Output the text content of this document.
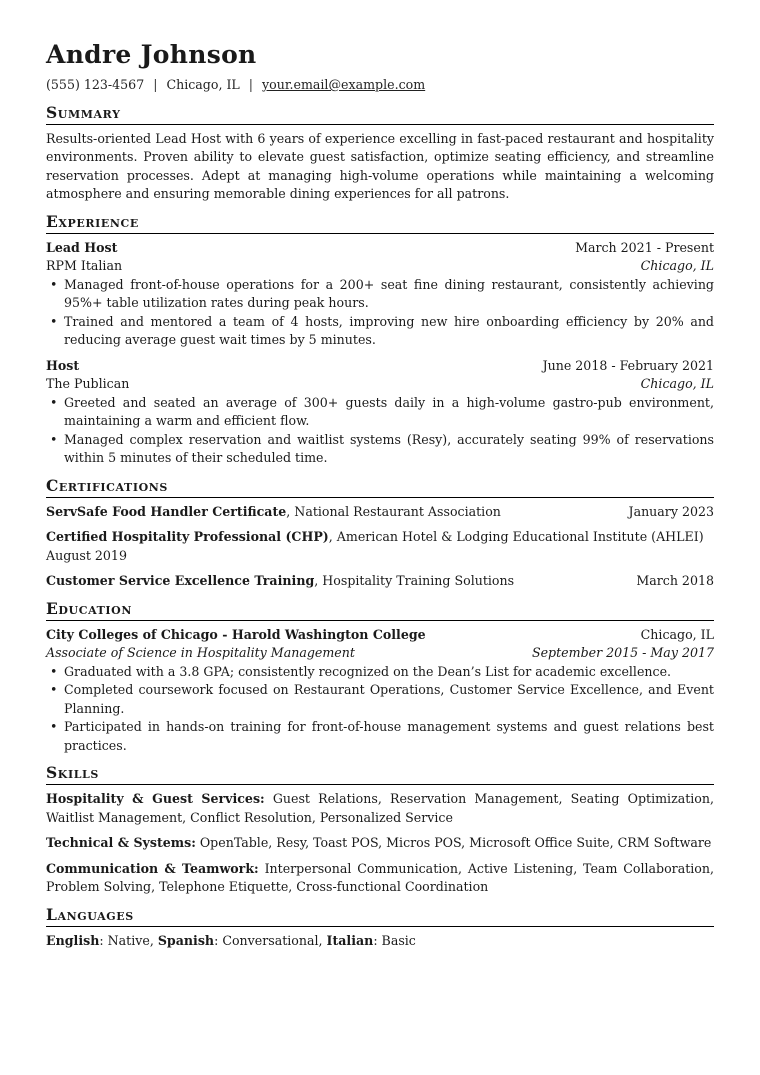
Andre Johnson
(555) 123-4567 | Chicago, IL | your.email@example.com
Summary

Results-oriented Lead Host with 6 years of experience excelling in fast-paced restaurant and hospitality environments. Proven ability to elevate guest satisfaction, optimize seating efficiency, and streamline reservation processes. Adept at managing high-volume operations while maintaining a welcoming atmosphere and ensuring memorable dining experiences for all patrons.

Experience
Lead Host	March 2021 - Present
RPM Italian	Chicago, IL
• Managed front-of-house operations for a 200+ seat fine dining restaurant, consistently achieving 95%+ table utilization rates during peak hours.
• Trained and mentored a team of 4 hosts, improving new hire onboarding efficiency by 20% and reducing average guest wait times by 5 minutes.
Host	June 2018 - February 2021
The Publican	Chicago, IL
• Greeted and seated an average of 300+ guests daily in a high-volume gastro-pub environment, maintaining a warm and efficient flow.
• Managed complex reservation and waitlist systems (Resy), accurately seating 99% of reservations within 5 minutes of their scheduled time.
Certifications
ServSafe Food Handler Certificate, National Restaurant Association	January 2023
Certified Hospitality Professional (CHP), American Hotel & Lodging Educational Institute (AHLEI)
August 2019
Customer Service Excellence Training, Hospitality Training Solutions	March 2018
Education
City Colleges of Chicago - Harold Washington College	Chicago, IL
Associate of Science in Hospitality Management	September 2015 - May 2017
• Graduated with a 3.8 GPA; consistently recognized on the Dean’s List for academic excellence.
• Completed coursework focused on Restaurant Operations, Customer Service Excellence, and Event Planning.
• Participated in hands-on training for front-of-house management systems and guest relations best practices.
Skills
Hospitality & Guest Services: Guest Relations, Reservation Management, Seating Optimization, Waitlist Management, Conflict Resolution, Personalized Service
Technical & Systems: OpenTable, Resy, Toast POS, Micros POS, Microsoft Office Suite, CRM Software
Communication & Teamwork: Interpersonal Communication, Active Listening, Team Collaboration, Problem Solving, Telephone Etiquette, Cross-functional Coordination
Languages
English: Native, Spanish: Conversational, Italian: Basic
